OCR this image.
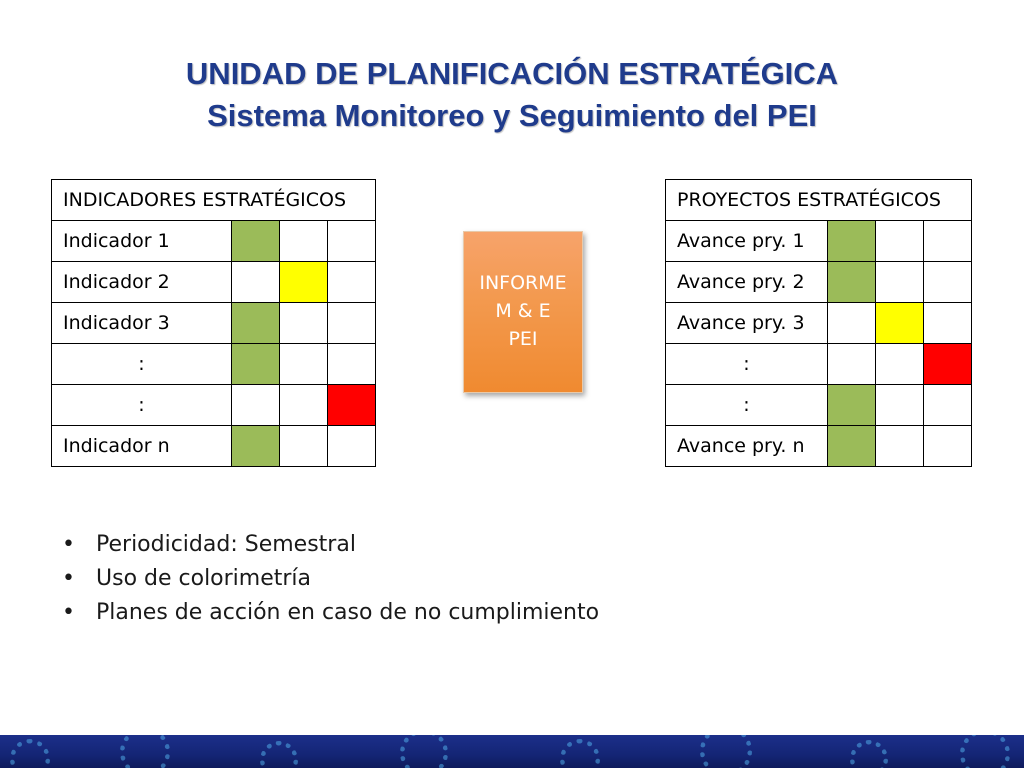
UNIDAD DE PLANIFICACIÓN ESTRATÉGICA
Sistema Monitoreo y Seguimiento del PEI
INDICADORES ESTRATÉGICOS			
Indicador 1			
Indicador 2			
Indicador 3			
:			
:			
Indicador n			
INFORME
M & E
PEI
PROYECTOS ESTRATÉGICOS			
Avance pry. 1			
Avance pry. 2			
Avance pry. 3			
:			
:			
Avance pry. n			
• Periodicidad: Semestral
• Uso de colorimetría
• Planes de acción en caso de no cumplimiento
